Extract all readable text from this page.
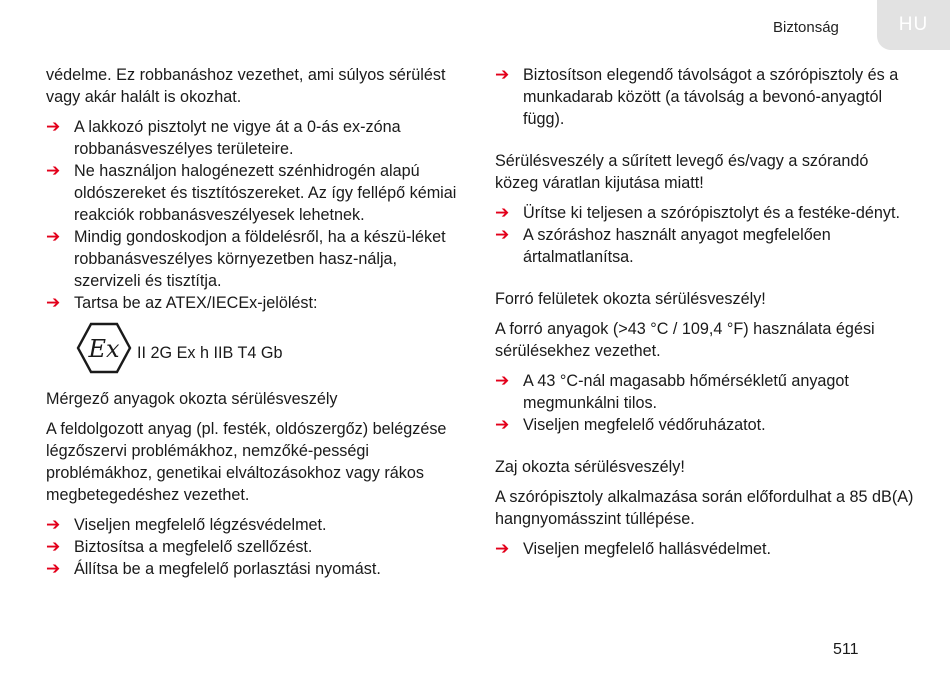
Biztonság	HU

védelme. Ez robbanáshoz vezethet, ami súlyos sérülést vagy akár halált is okozhat.

➔ A lakkozó pisztolyt ne vigye át a 0-ás ex-zóna robbanásveszélyes területeire.
➔ Ne használjon halogénezett szénhidrogén alapú oldószereket és tisztítószereket. Az így fellépő kémiai reakciók robbanásveszélyesek lehetnek.
➔ Mindig gondoskodjon a földelésről, ha a készü-léket robbanásveszélyes környezetben hasz-nálja, szervizeli és tisztítja.
➔ Tartsa be az ATEX/IECEx-jelölést:
Ex II 2G Ex h IIB T4 Gb

Mérgező anyagok okozta sérülésveszély

A feldolgozott anyag (pl. festék, oldószergőz) belégzése légzőszervi problémákhoz, nemzőké-pességi problémákhoz, genetikai elváltozásokhoz vagy rákos megbetegedéshez vezethet.

➔ Viseljen megfelelő légzésvédelmet.
➔ Biztosítsa a megfelelő szellőzést.
➔ Állítsa be a megfelelő porlasztási nyomást.
➔ Biztosítson elegendő távolságot a szórópisztoly és a munkadarab között (a távolság a bevonó-anyagtól függ).

Sérülésveszély a sűrített levegő és/vagy a szórandó közeg váratlan kijutása miatt!

➔ Ürítse ki teljesen a szórópisztolyt és a festéke-dényt.
➔ A szóráshoz használt anyagot megfelelően ártalmatlanítsa.

Forró felületek okozta sérülésveszély!

A forró anyagok (>43 °C / 109,4 °F) használata égési sérülésekhez vezethet.

➔ A 43 °C-nál magasabb hőmérsékletű anyagot megmunkálni tilos.
➔ Viseljen megfelelő védőruházatot.

Zaj okozta sérülésveszély!

A szórópisztoly alkalmazása során előfordulhat a 85 dB(A) hangnyomásszint túllépése.

➔ Viseljen megfelelő hallásvédelmet.
511
